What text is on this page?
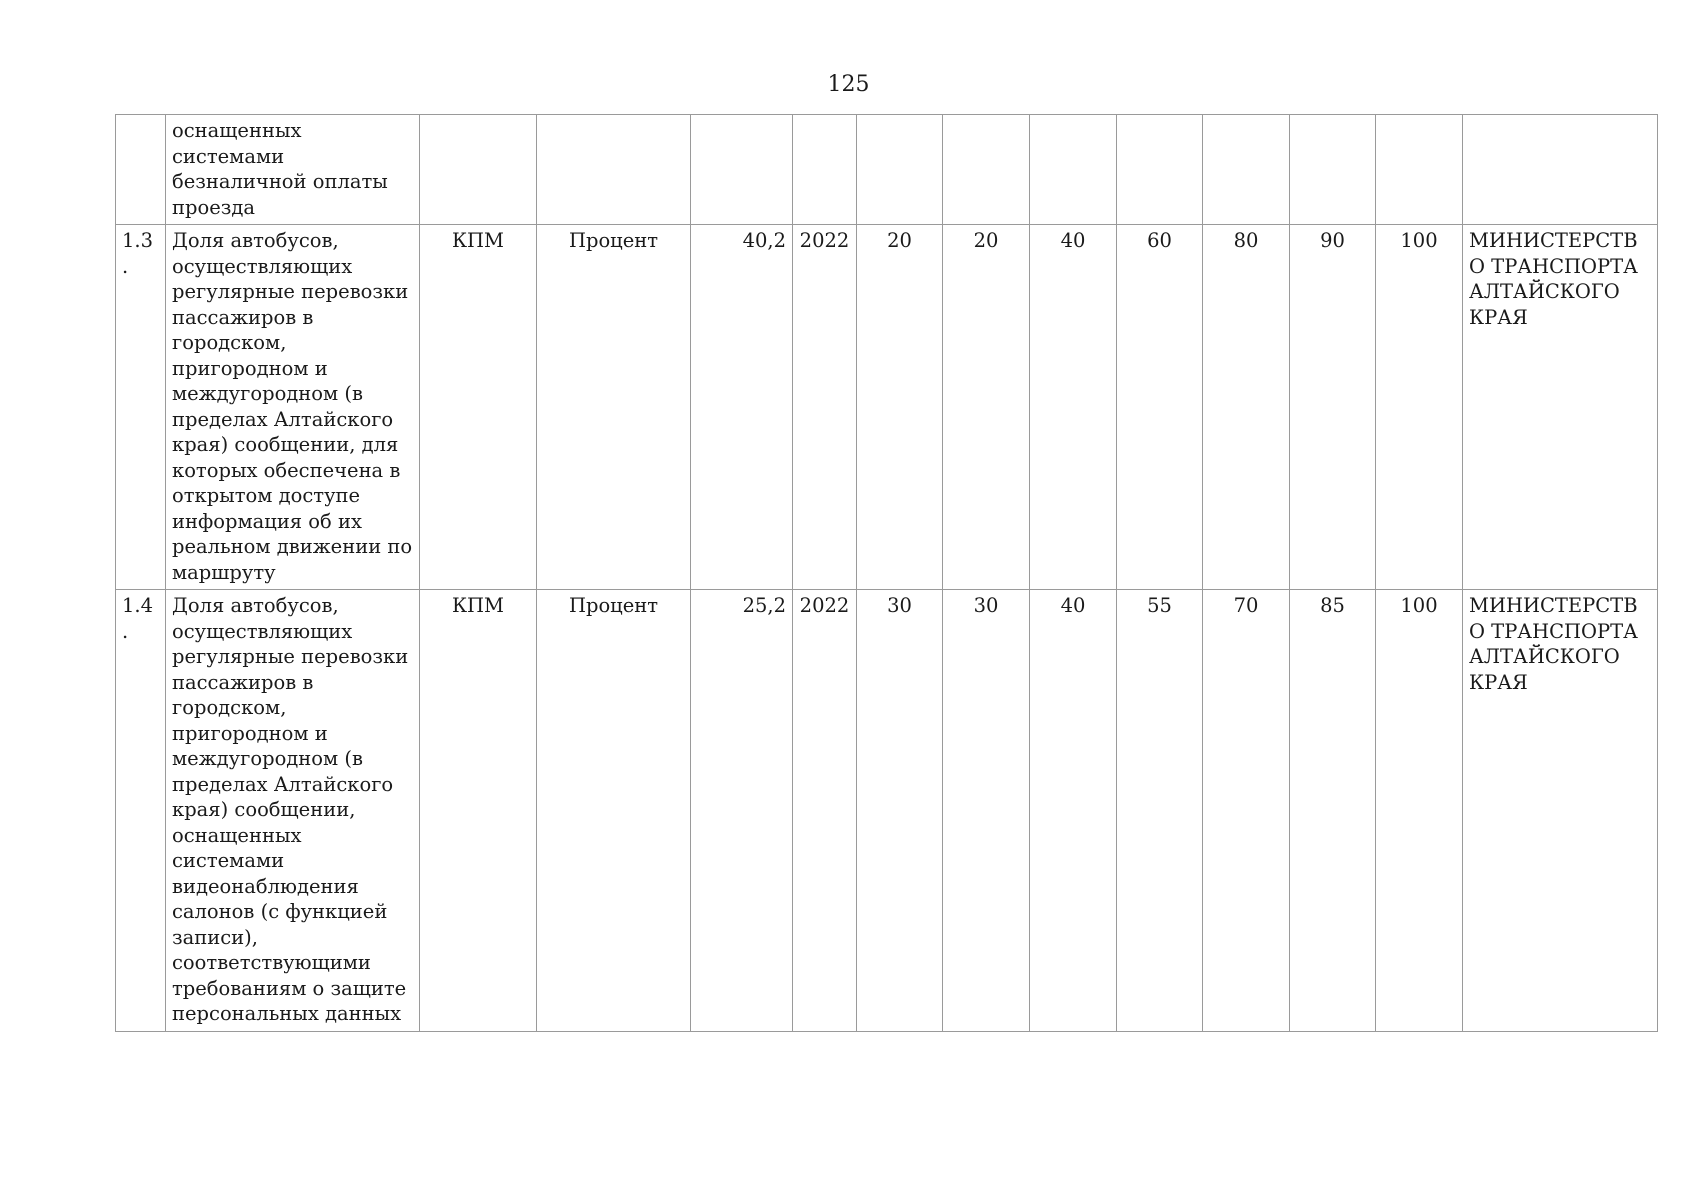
125
	оснащенных системами безналичной оплаты проезда												
1.3.	Доля автобусов, осуществляющих регулярные перевозки пассажиров в городском, пригородном и междугородном (в пределах Алтайского края) сообщении, для которых обеспечена в открытом доступе информация об их реальном движении по маршруту	КПМ	Процент	40,2	2022	20	20	40	60	80	90	100	МИНИСТЕРСТВО ТРАНСПОРТА АЛТАЙСКОГО КРАЯ
1.4.	Доля автобусов, осуществляющих регулярные перевозки пассажиров в городском, пригородном и междугородном (в пределах Алтайского края) сообщении, оснащенных системами видеонаблюдения салонов (с функцией записи), соответствующими требованиям о защите персональных данных	КПМ	Процент	25,2	2022	30	30	40	55	70	85	100	МИНИСТЕРСТВО ТРАНСПОРТА АЛТАЙСКОГО КРАЯ
